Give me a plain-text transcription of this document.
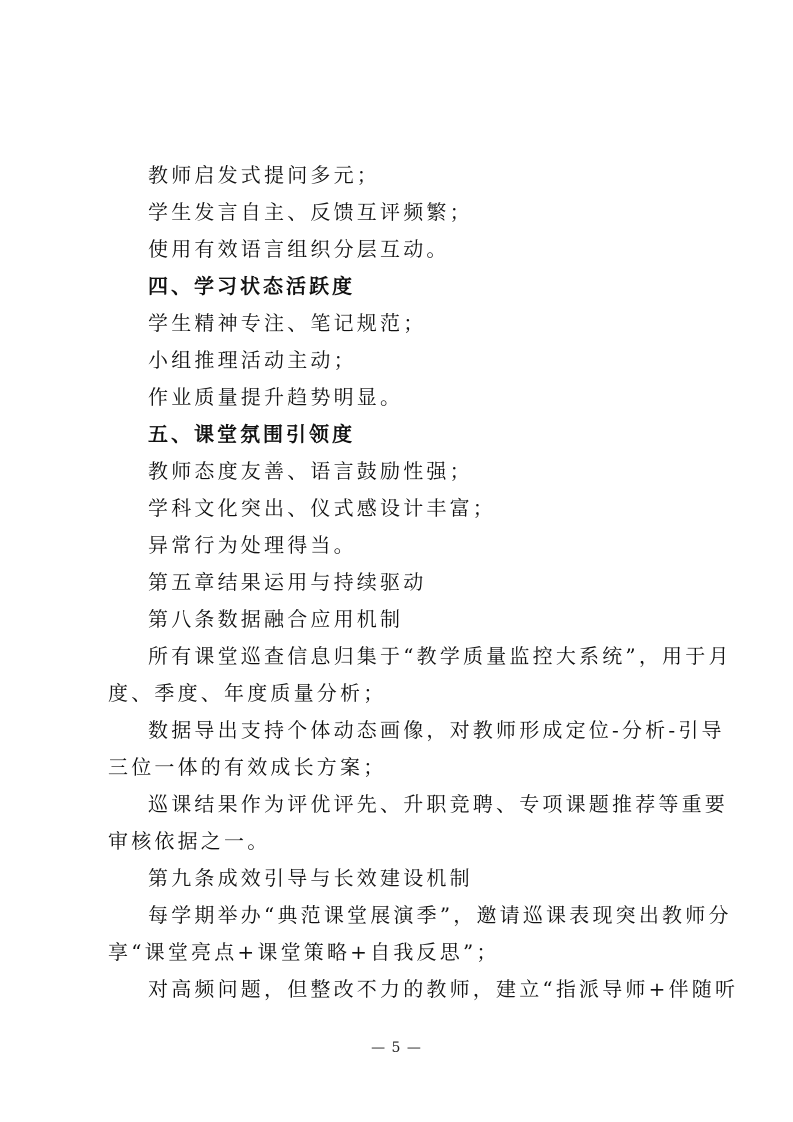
教师启发式提问多元；
学生发言自主、反馈互评频繁；
使用有效语言组织分层互动。
四、学习状态活跃度
学生精神专注、笔记规范；
小组推理活动主动；
作业质量提升趋势明显。
五、课堂氛围引领度
教师态度友善、语言鼓励性强；
学科文化突出、仪式感设计丰富；
异常行为处理得当。
第五章结果运用与持续驱动
第八条数据融合应用机制
所有课堂巡查信息归集于“教学质量监控大系统”，用于月
度、季度、年度质量分析；
数据导出支持个体动态画像，对教师形成定位-分析-引导
三位一体的有效成长方案；
巡课结果作为评优评先、升职竞聘、专项课题推荐等重要
审核依据之一。
第九条成效引导与长效建设机制
每学期举办“典范课堂展演季”，邀请巡课表现突出教师分
享“课堂亮点+课堂策略+自我反思”；
对高频问题，但整改不力的教师，建立“指派导师+伴随听
— 5 —
